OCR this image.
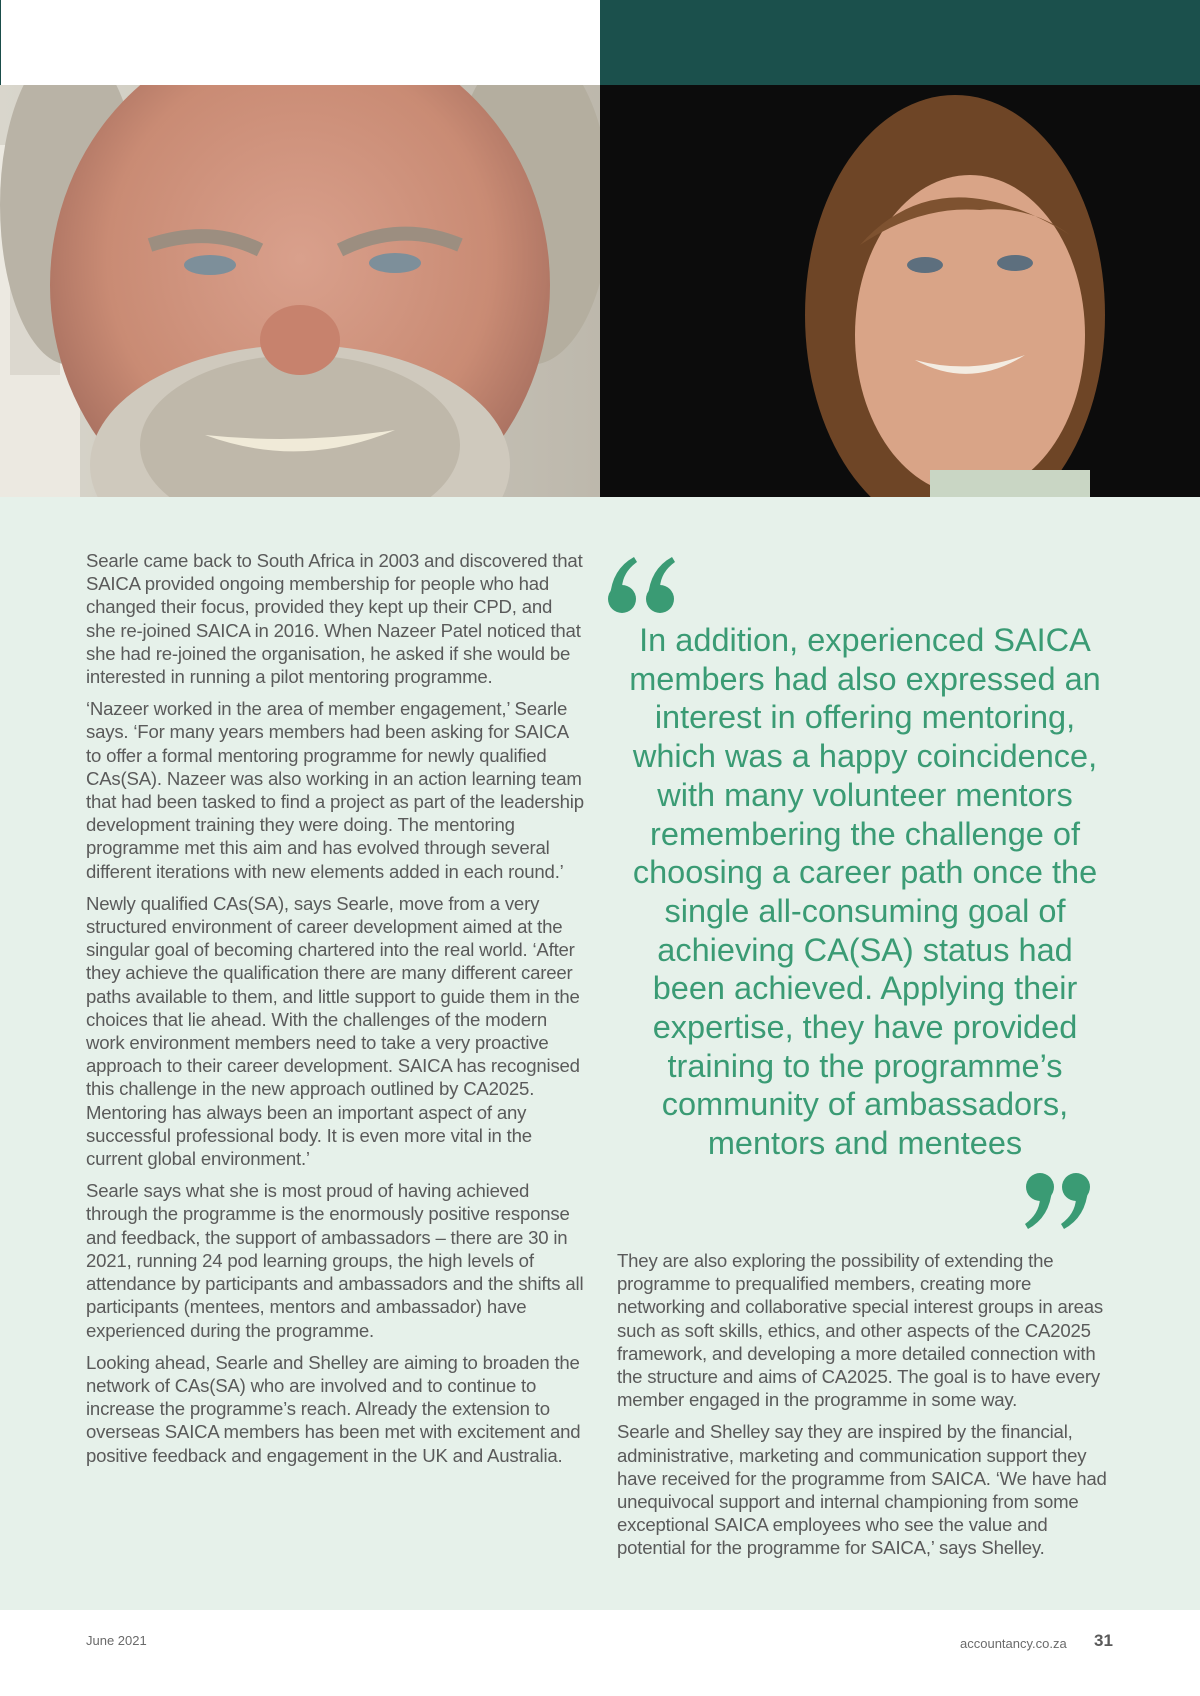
Searle came back to South Africa in 2003 and discovered that SAICA provided ongoing membership for people who had changed their focus, provided they kept up their CPD, and she re-joined SAICA in 2016. When Nazeer Patel noticed that she had re-joined the organisation, he asked if she would be interested in running a pilot mentoring programme.

‘Nazeer worked in the area of member engagement,’ Searle says. ‘For many years members had been asking for SAICA to offer a formal mentoring programme for newly qualified CAs(SA). Nazeer was also working in an action learning team that had been tasked to find a project as part of the leadership development training they were doing. The mentoring programme met this aim and has evolved through several different iterations with new elements added in each round.’

Newly qualified CAs(SA), says Searle, move from a very structured environment of career development aimed at the singular goal of becoming chartered into the real world. ‘After they achieve the qualification there are many different career paths available to them, and little support to guide them in the choices that lie ahead. With the challenges of the modern work environment members need to take a very proactive approach to their career development. SAICA has recognised this challenge in the new approach outlined by CA2025. Mentoring has always been an important aspect of any successful professional body. It is even more vital in the current global environment.’

Searle says what she is most proud of having achieved through the programme is the enormously positive response and feedback, the support of ambassadors – there are 30 in 2021, running 24 pod learning groups, the high levels of attendance by participants and ambassadors and the shifts all participants (mentees, mentors and ambassador) have experienced during the programme.

Looking ahead, Searle and Shelley are aiming to broaden the network of CAs(SA) who are involved and to continue to increase the programme’s reach. Already the extension to overseas SAICA members has been met with excitement and positive feedback and engagement in the UK and Australia.

In addition, experienced SAICA members had also expressed an interest in offering mentoring, which was a happy coincidence, with many volunteer mentors remembering the challenge of choosing a career path once the single all-consuming goal of achieving CA(SA) status had been achieved. Applying their expertise, they have provided training to the programme’s community of ambassadors, mentors and mentees

They are also exploring the possibility of extending the programme to prequalified members, creating more networking and collaborative special interest groups in areas such as soft skills, ethics, and other aspects of the CA2025 framework, and developing a more detailed connection with the structure and aims of CA2025. The goal is to have every member engaged in the programme in some way.

Searle and Shelley say they are inspired by the financial, administrative, marketing and communication support they have received for the programme from SAICA. ‘We have had unequivocal support and internal championing from some exceptional SAICA employees who see the value and potential for the programme for SAICA,’ says Shelley.

June 2021	accountancy.co.za 31
